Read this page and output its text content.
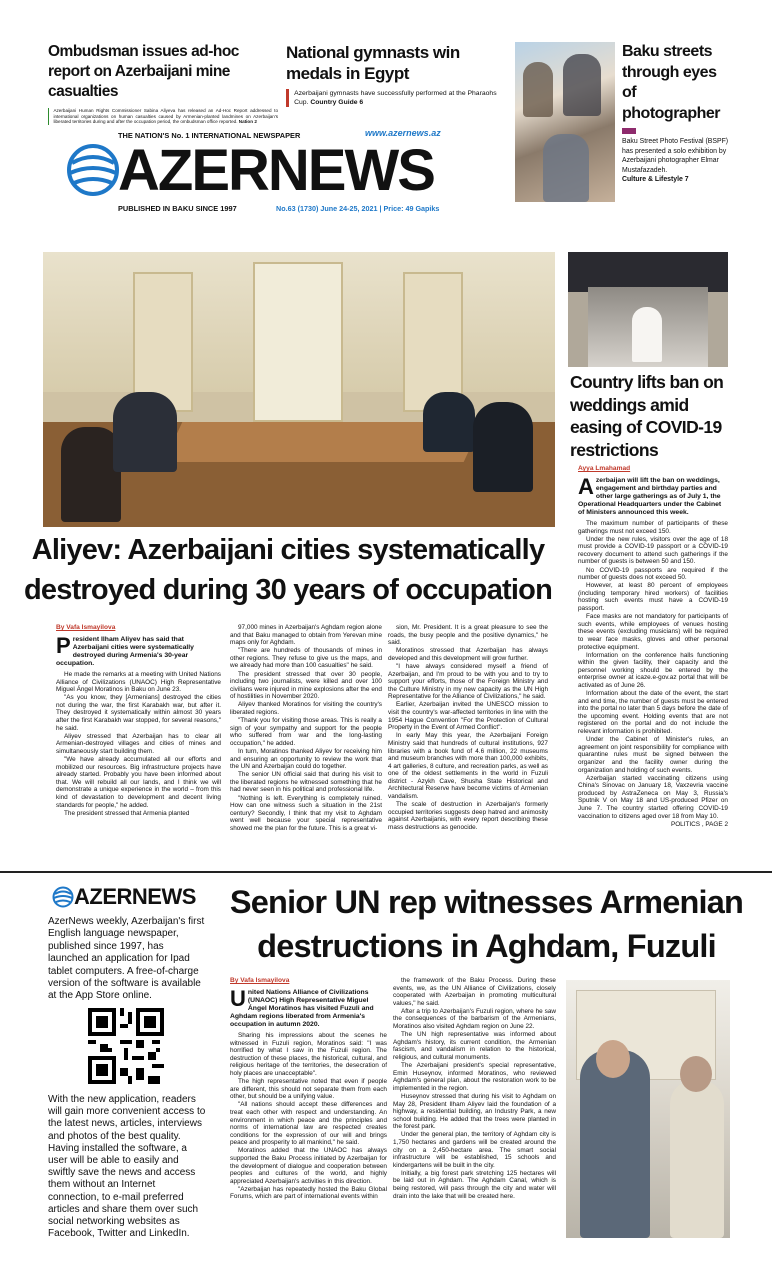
Ombudsman issues ad-hoc report on Azerbaijani mine casualties
Azerbaijani Human Rights Commissioner Sabina Aliyeva has released an Ad-Hoc Report addressed to international organizations on human casualties caused by Armenian-planted landmines on Azerbaijan's liberated territories during and after the occupation period, the ombudsman office reported. Nation 2
National gymnasts win medals in Egypt
Azerbaijani gymnasts have successfully performed at the Pharaohs Cup. Country Guide 6
Baku streets through eyes of photographer
Baku Street Photo Festival (BSPF) has presented a solo exhibition by Azerbaijani photographer Elmar Mustafazadeh.
Culture & Lifestyle 7
THE NATION'S No. 1 INTERNATIONAL NEWSPAPER	www.azernews.az
AZERNEWS
PUBLISHED IN BAKU SINCE 1997	No.63 (1730) June 24-25, 2021 | Price: 49 Gapiks
Aliyev: Azerbaijani cities systematically
destroyed during 30 years of occupation
By Vafa Ismayilova
President Ilham Aliyev has said that Azerbaijani cities were systematically destroyed during Armenia's 30-year occupation.

He made the remarks at a meeting with United Nations Alliance of Civilizations (UNAOC) High Representative Miguel Ángel Moratinos in Baku on June 23.

"As you know, they [Armenians] destroyed the cities not during the war, the first Karabakh war, but after it. They destroyed it systematically within almost 30 years after the first Karabakh war stopped, for several reasons," he said.

Aliyev stressed that Azerbaijan has to clear all Armenian-destroyed villages and cities of mines and simultaneously start building them.

"We have already accumulated all our efforts and mobilized our resources. Big infrastructure projects have already started. Probably you have been informed about that. We will rebuild all our lands, and I think we will demonstrate a unique experience in the world – from this kind of devastation to development and decent living standards for people," he added.

The president stressed that Armenia planted

97,000 mines in Azerbaijan's Aghdam region alone and that Baku managed to obtain from Yerevan mine maps only for Aghdam.

"There are hundreds of thousands of mines in other regions. They refuse to give us the maps, and we already had more than 100 casualties" he said.

The president stressed that over 30 people, including two journalists, were killed and over 100 civilians were injured in mine explosions after the end of hostilities in November 2020.

Aliyev thanked Moratinos for visiting the country's liberated regions.

"Thank you for visiting those areas. This is really a sign of your sympathy and support for the people who suffered from war and the long-lasting occupation," he added.

In turn, Moratinos thanked Aliyev for receiving him and ensuring an opportunity to review the work that the UN and Azerbaijan could do together.

The senior UN official said that during his visit to the liberated regions he witnessed something that he had never seen in his political and professional life.

"Nothing is left. Everything is completely ruined. How can one witness such a situation in the 21st century? Secondly, I think that my visit to Aghdam went well because your special representative showed me the plan for the future. This is a great vi-

sion, Mr. President. It is a great pleasure to see the roads, the busy people and the positive dynamics," he said.

Moratinos stressed that Azerbaijan has always developed and this development will grow further.

"I have always considered myself a friend of Azerbaijan, and I'm proud to be with you and to try to support your efforts, those of the Foreign Ministry and the Culture Ministry in my new capacity as the UN High Representative for the Alliance of Civilizations," he said.

Earlier, Azerbaijan invited the UNESCO mission to visit the country's war-affected territories in line with the 1954 Hague Convention "For the Protection of Cultural Property in the Event of Armed Conflict".

In early May this year, the Azerbaijani Foreign Ministry said that hundreds of cultural institutions, 927 libraries with a book fund of 4.6 million, 22 museums and museum branches with more than 100,000 exhibits, 4 art galleries, 8 culture, and recreation parks, as well as one of the oldest settlements in the world in Fuzuli district - Azykh Cave, Shusha State Historical and Architectural Reserve have become victims of Armenian vandalism.

The scale of destruction in Azerbaijan's formerly occupied territories suggests deep hatred and animosity against Azerbaijanis, with every report describing these mass destructions as genocide.

Country lifts ban on weddings amid easing of COVID-19 restrictions
Ayya Lmahamad
Azerbaijan will lift the ban on weddings, engagement and birthday parties and other large gatherings as of July 1, the Operational Headquarters under the Cabinet of Ministers announced this week.

The maximum number of participants of these gatherings must not exceed 150.

Under the new rules, visitors over the age of 18 must provide a COVID-19 passport or a COVID-19 recovery document to attend such gatherings if the number of guests is between 50 and 150.

No COVID-19 passports are required if the number of guests does not exceed 50.

However, at least 80 percent of employees (including temporary hired workers) of facilities hosting such events must have a COVID-19 passport.

Face masks are not mandatory for participants of such events, while employees of venues hosting these events (excluding musicians) will be required to wear face masks, gloves and other personal protective equipment.

Information on the conference halls functioning within the given facility, their capacity and the personnel working should be entered by the enterprise owner at icaze.e-gov.az portal that will be activated as of June 26.

Information about the date of the event, the start and end time, the number of guests must be entered into the portal no later than 5 days before the date of the upcoming event. Holding events that are not registered on the portal and do not include the relevant information is prohibited.

Under the Cabinet of Minister's rules, an agreement on joint responsibility for compliance with quarantine rules must be signed between the organizer and the facility owner during the organization and holding of such events.

Azerbaijan started vaccinating citizens using China's Sinovac on January 18, Vaxzevria vaccine produced by AstraZeneca on May 3, Russia's Sputnik V on May 18 and US-produced Pfizer on June 7. The country started offering COVID-19 vaccination to citizens aged over 18 from May 10.

POLITICS , PAGE 2
AZERNEWS
AzerNews weekly, Azerbaijan's first English language newspaper, published since 1997, has launched an application for Ipad tablet computers. A free-of-charge version of the software is available at the App Store online.
With the new application, readers will gain more convenient access to the latest news, articles, interviews and photos of the best quality. Having installed the software, a user will be able to easily and swiftly save the news and access them without an Internet connection, to e-mail preferred articles and share them over such social networking websites as Facebook, Twitter and LinkedIn.
Senior UN rep witnesses Armenian
destructions in Aghdam, Fuzuli
By Vafa Ismayilova
United Nations Alliance of Civilizations (UNAOC) High Representative Miguel Ángel Moratinos has visited Fuzuli and Aghdam regions liberated from Armenia's occupation in autumn 2020.

Sharing his impressions about the scenes he witnessed in Fuzuli region, Moratinos said: "I was horrified by what I saw in the Fuzuli region. The destruction of these places, the historical, cultural, and religious heritage of the territories, the desecration of holy places are unacceptable".

The high representative noted that even if people are different, this should not separate them from each other, but should be a unifying value.

"All nations should accept these differences and treat each other with respect and understanding. An environment in which peace and the principles and norms of international law are respected creates conditions for the expression of our will and brings peace and prosperity to all mankind," he said.

Moratinos added that the UNAOC has always supported the Baku Process initiated by Azerbaijan for the development of dialogue and cooperation between peoples and cultures of the world, and highly appreciated Azerbaijan's activities in this direction.

"Azerbaijan has repeatedly hosted the Baku Global Forums, which are part of international events within

the framework of the Baku Process. During these events, we, as the UN Alliance of Civilizations, closely cooperated with Azerbaijan in promoting multicultural values," he said.

After a trip to Azerbaijan's Fuzuli region, where he saw the consequences of the barbarism of the Armenians, Moratinos also visited Aghdam region on June 22.

The UN high representative was informed about Aghdam's history, its current condition, the Armenian fascism, and vandalism in relation to the historical, religious, and cultural monuments.

The Azerbaijani president's special representative, Emin Huseynov, informed Moratinos, who reviewed Aghdam's general plan, about the restoration work to be implemented in the region.

Huseynov stressed that during his visit to Aghdam on May 28, President Ilham Aliyev laid the foundation of a highway, a residential building, an Industry Park, a new school building. He added that the trees were planted in the forest park.

Under the general plan, the territory of Aghdam city is 1,750 hectares and gardens will be created around the city on a 2,450-hectare area. The smart social infrastructure will be established, 15 schools and kindergartens will be built in the city.

Initially, a big forest park stretching 125 hectares will be laid out in Aghdam. The Aghdam Canal, which is being restored, will pass through the city and water will drain into the lake that will be created here.
